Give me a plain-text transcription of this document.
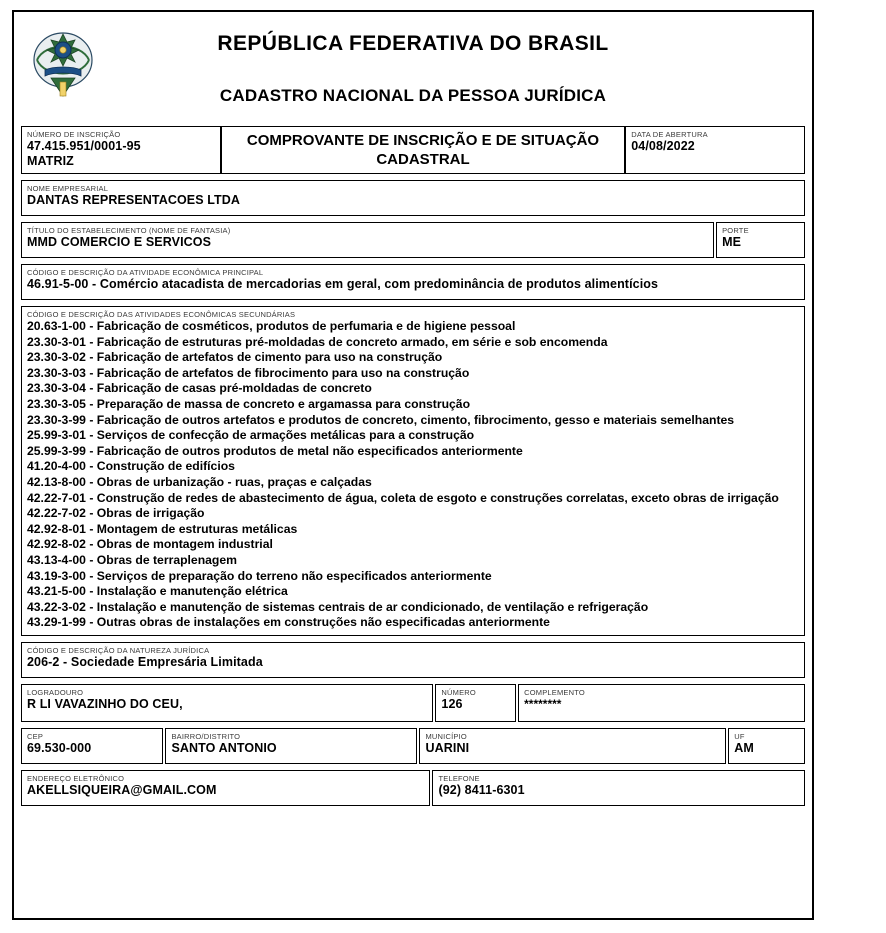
REPÚBLICA FEDERATIVA DO BRASIL
CADASTRO NACIONAL DA PESSOA JURÍDICA
NÚMERO DE INSCRIÇÃO
47.415.951/0001-95
MATRIZ
COMPROVANTE DE INSCRIÇÃO E DE SITUAÇÃO CADASTRAL
DATA DE ABERTURA
04/08/2022
NOME EMPRESARIAL
DANTAS REPRESENTACOES LTDA
TÍTULO DO ESTABELECIMENTO (NOME DE FANTASIA)
MMD COMERCIO E SERVICOS
PORTE
ME
CÓDIGO E DESCRIÇÃO DA ATIVIDADE ECONÔMICA PRINCIPAL
46.91-5-00 - Comércio atacadista de mercadorias em geral, com predominância de produtos alimentícios
CÓDIGO E DESCRIÇÃO DAS ATIVIDADES ECONÔMICAS SECUNDÁRIAS
20.63-1-00 - Fabricação de cosméticos, produtos de perfumaria e de higiene pessoal
23.30-3-01 - Fabricação de estruturas pré-moldadas de concreto armado, em série e sob encomenda
23.30-3-02 - Fabricação de artefatos de cimento para uso na construção
23.30-3-03 - Fabricação de artefatos de fibrocimento para uso na construção
23.30-3-04 - Fabricação de casas pré-moldadas de concreto
23.30-3-05 - Preparação de massa de concreto e argamassa para construção
23.30-3-99 - Fabricação de outros artefatos e produtos de concreto, cimento, fibrocimento, gesso e materiais semelhantes
25.99-3-01 - Serviços de confecção de armações metálicas para a construção
25.99-3-99 - Fabricação de outros produtos de metal não especificados anteriormente
41.20-4-00 - Construção de edifícios
42.13-8-00 - Obras de urbanização - ruas, praças e calçadas
42.22-7-01 - Construção de redes de abastecimento de água, coleta de esgoto e construções correlatas, exceto obras de irrigação
42.22-7-02 - Obras de irrigação
42.92-8-01 - Montagem de estruturas metálicas
42.92-8-02 - Obras de montagem industrial
43.13-4-00 - Obras de terraplenagem
43.19-3-00 - Serviços de preparação do terreno não especificados anteriormente
43.21-5-00 - Instalação e manutenção elétrica
43.22-3-02 - Instalação e manutenção de sistemas centrais de ar condicionado, de ventilação e refrigeração
43.29-1-99 - Outras obras de instalações em construções não especificadas anteriormente
CÓDIGO E DESCRIÇÃO DA NATUREZA JURÍDICA
206-2 - Sociedade Empresária Limitada
LOGRADOURO
R LI VAVAZINHO DO CEU,
NÚMERO
126
COMPLEMENTO
********
CEP
69.530-000
BAIRRO/DISTRITO
SANTO ANTONIO
MUNICÍPIO
UARINI
UF
AM
ENDEREÇO ELETRÔNICO
AKELLSIQUEIRA@GMAIL.COM
TELEFONE
(92) 8411-6301
